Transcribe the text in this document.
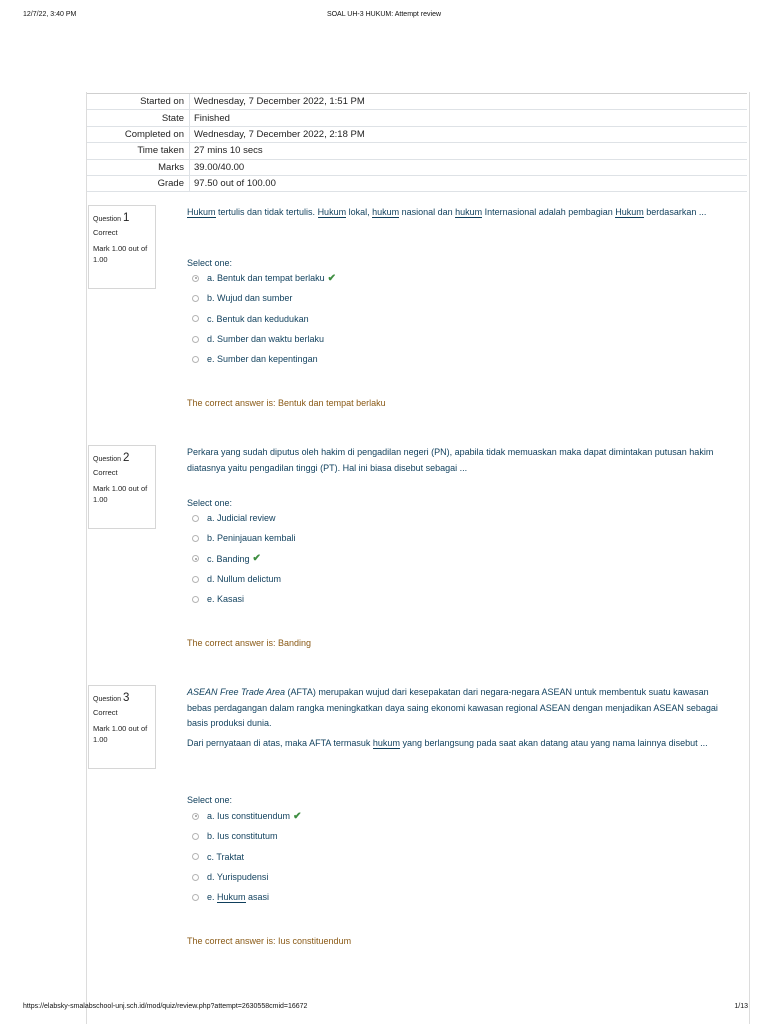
12/7/22, 3:40 PM	SOAL UH-3 HUKUM: Attempt review
Started on	Wednesday, 7 December 2022, 1:51 PM
State	Finished
Completed on	Wednesday, 7 December 2022, 2:18 PM
Time taken	27 mins 10 secs
Marks	39.00/40.00
Grade	97.50 out of 100.00
Question 1
Correct
Mark 1.00 out of 1.00

Hukum tertulis dan tidak tertulis. Hukum lokal, hukum nasional dan hukum Internasional adalah pembagian Hukum berdasarkan ...

Select one:
a. Bentuk dan tempat berlaku ✔
b. Wujud dan sumber
c. Bentuk dan kedudukan
d. Sumber dan waktu berlaku
e. Sumber dan kepentingan
The correct answer is: Bentuk dan tempat berlaku
Question 2
Correct
Mark 1.00 out of 1.00

Perkara yang sudah diputus oleh hakim di pengadilan negeri (PN), apabila tidak memuaskan maka dapat dimintakan putusan hakim diatasnya yaitu pengadilan tinggi (PT). Hal ini biasa disebut sebagai ...

Select one:
a. Judicial review
b. Peninjauan kembali
c. Banding ✔
d. Nullum delictum
e. Kasasi
The correct answer is: Banding
Question 3
Correct
Mark 1.00 out of 1.00

ASEAN Free Trade Area (AFTA) merupakan wujud dari kesepakatan dari negara-negara ASEAN untuk membentuk suatu kawasan bebas perdagangan dalam rangka meningkatkan daya saing ekonomi kawasan regional ASEAN dengan menjadikan ASEAN sebagai basis produksi dunia.

Dari pernyataan di atas, maka AFTA termasuk hukum yang berlangsung pada saat akan datang atau yang nama lainnya disebut ...

Select one:
a. Ius constituendum ✔
b. Ius constitutum
c. Traktat
d. Yurispudensi
e. Hukum asasi
The correct answer is: Ius constituendum
https://elabsky-smalabschool-unj.sch.id/mod/quiz/review.php?attempt=2630558cmid=16672	1/13
